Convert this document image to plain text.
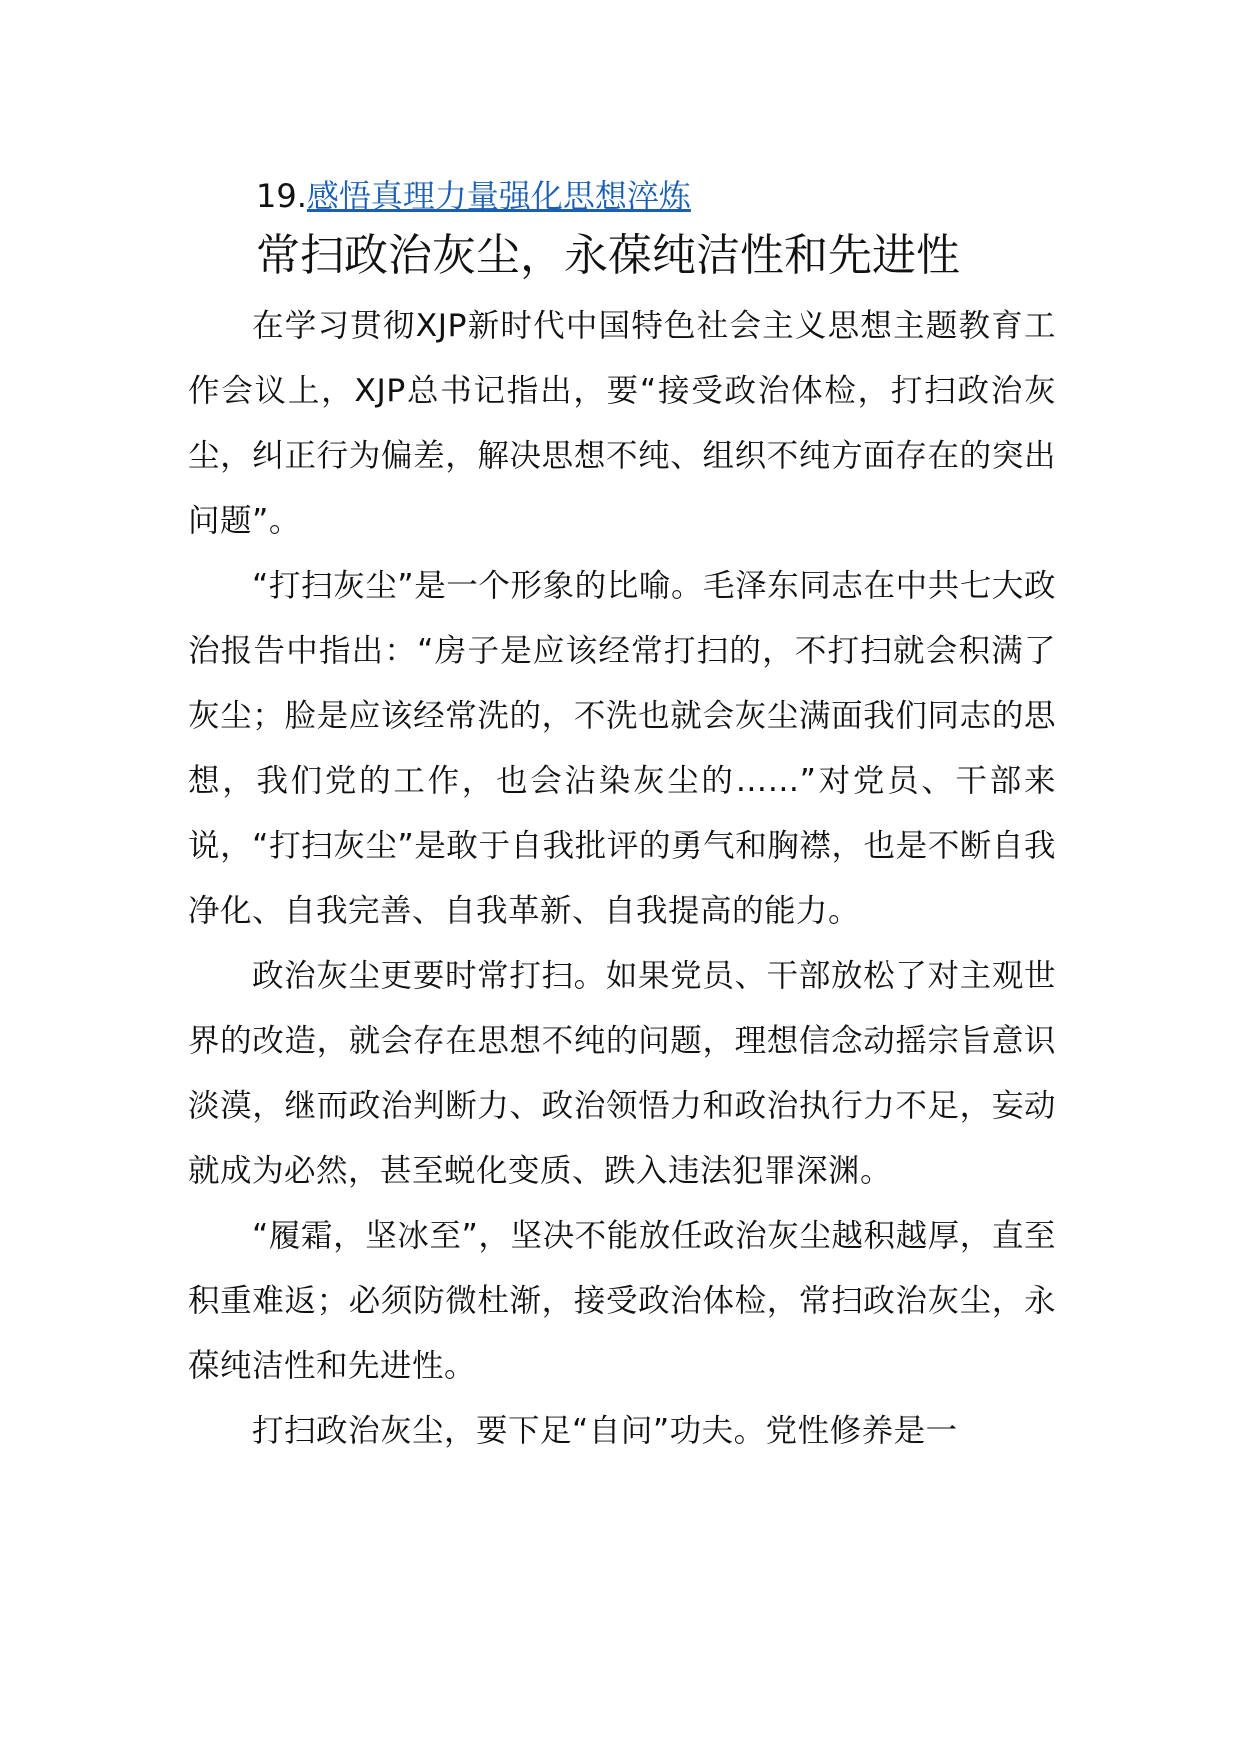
19.感悟真理力量强化思想淬炼
常扫政治灰尘，永葆纯洁性和先进性

在学习贯彻XJP新时代中国特色社会主义思想主题教育工作会议上，XJP总书记指出，要“接受政治体检，打扫政治灰尘，纠正行为偏差，解决思想不纯、组织不纯方面存在的突出问题”。

“打扫灰尘”是一个形象的比喻。毛泽东同志在中共七大政治报告中指出：“房子是应该经常打扫的，不打扫就会积满了灰尘；脸是应该经常洗的，不洗也就会灰尘满面我们同志的思想，我们党的工作，也会沾染灰尘的……”对党员、干部来说，“打扫灰尘”是敢于自我批评的勇气和胸襟，也是不断自我净化、自我完善、自我革新、自我提高的能力。

政治灰尘更要时常打扫。如果党员、干部放松了对主观世界的改造，就会存在思想不纯的问题，理想信念动摇宗旨意识淡漠，继而政治判断力、政治领悟力和政治执行力不足，妄动就成为必然，甚至蜕化变质、跌入违法犯罪深渊。

“履霜，坚冰至”，坚决不能放任政治灰尘越积越厚，直至积重难返；必须防微杜渐，接受政治体检，常扫政治灰尘，永葆纯洁性和先进性。

打扫政治灰尘，要下足“自问”功夫。党性修养是一
